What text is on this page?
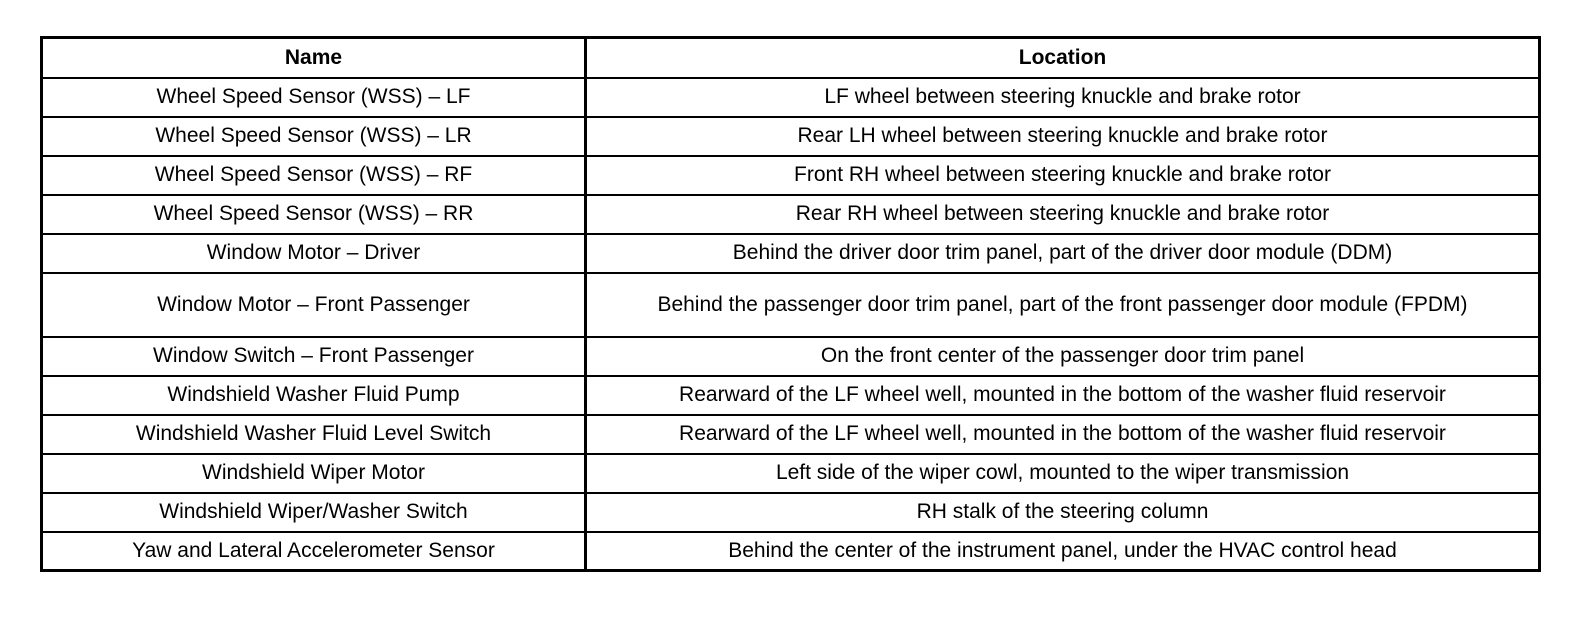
Name	Location
Wheel Speed Sensor (WSS) – LF	LF wheel between steering knuckle and brake rotor
Wheel Speed Sensor (WSS) – LR	Rear LH wheel between steering knuckle and brake rotor
Wheel Speed Sensor (WSS) – RF	Front RH wheel between steering knuckle and brake rotor
Wheel Speed Sensor (WSS) – RR	Rear RH wheel between steering knuckle and brake rotor
Window Motor – Driver	Behind the driver door trim panel, part of the driver door module (DDM)
Window Motor – Front Passenger	Behind the passenger door trim panel, part of the front passenger door module (FPDM)
Window Switch – Front Passenger	On the front center of the passenger door trim panel
Windshield Washer Fluid Pump	Rearward of the LF wheel well, mounted in the bottom of the washer fluid reservoir
Windshield Washer Fluid Level Switch	Rearward of the LF wheel well, mounted in the bottom of the washer fluid reservoir
Windshield Wiper Motor	Left side of the wiper cowl, mounted to the wiper transmission
Windshield Wiper/Washer Switch	RH stalk of the steering column
Yaw and Lateral Accelerometer Sensor	Behind the center of the instrument panel, under the HVAC control head
